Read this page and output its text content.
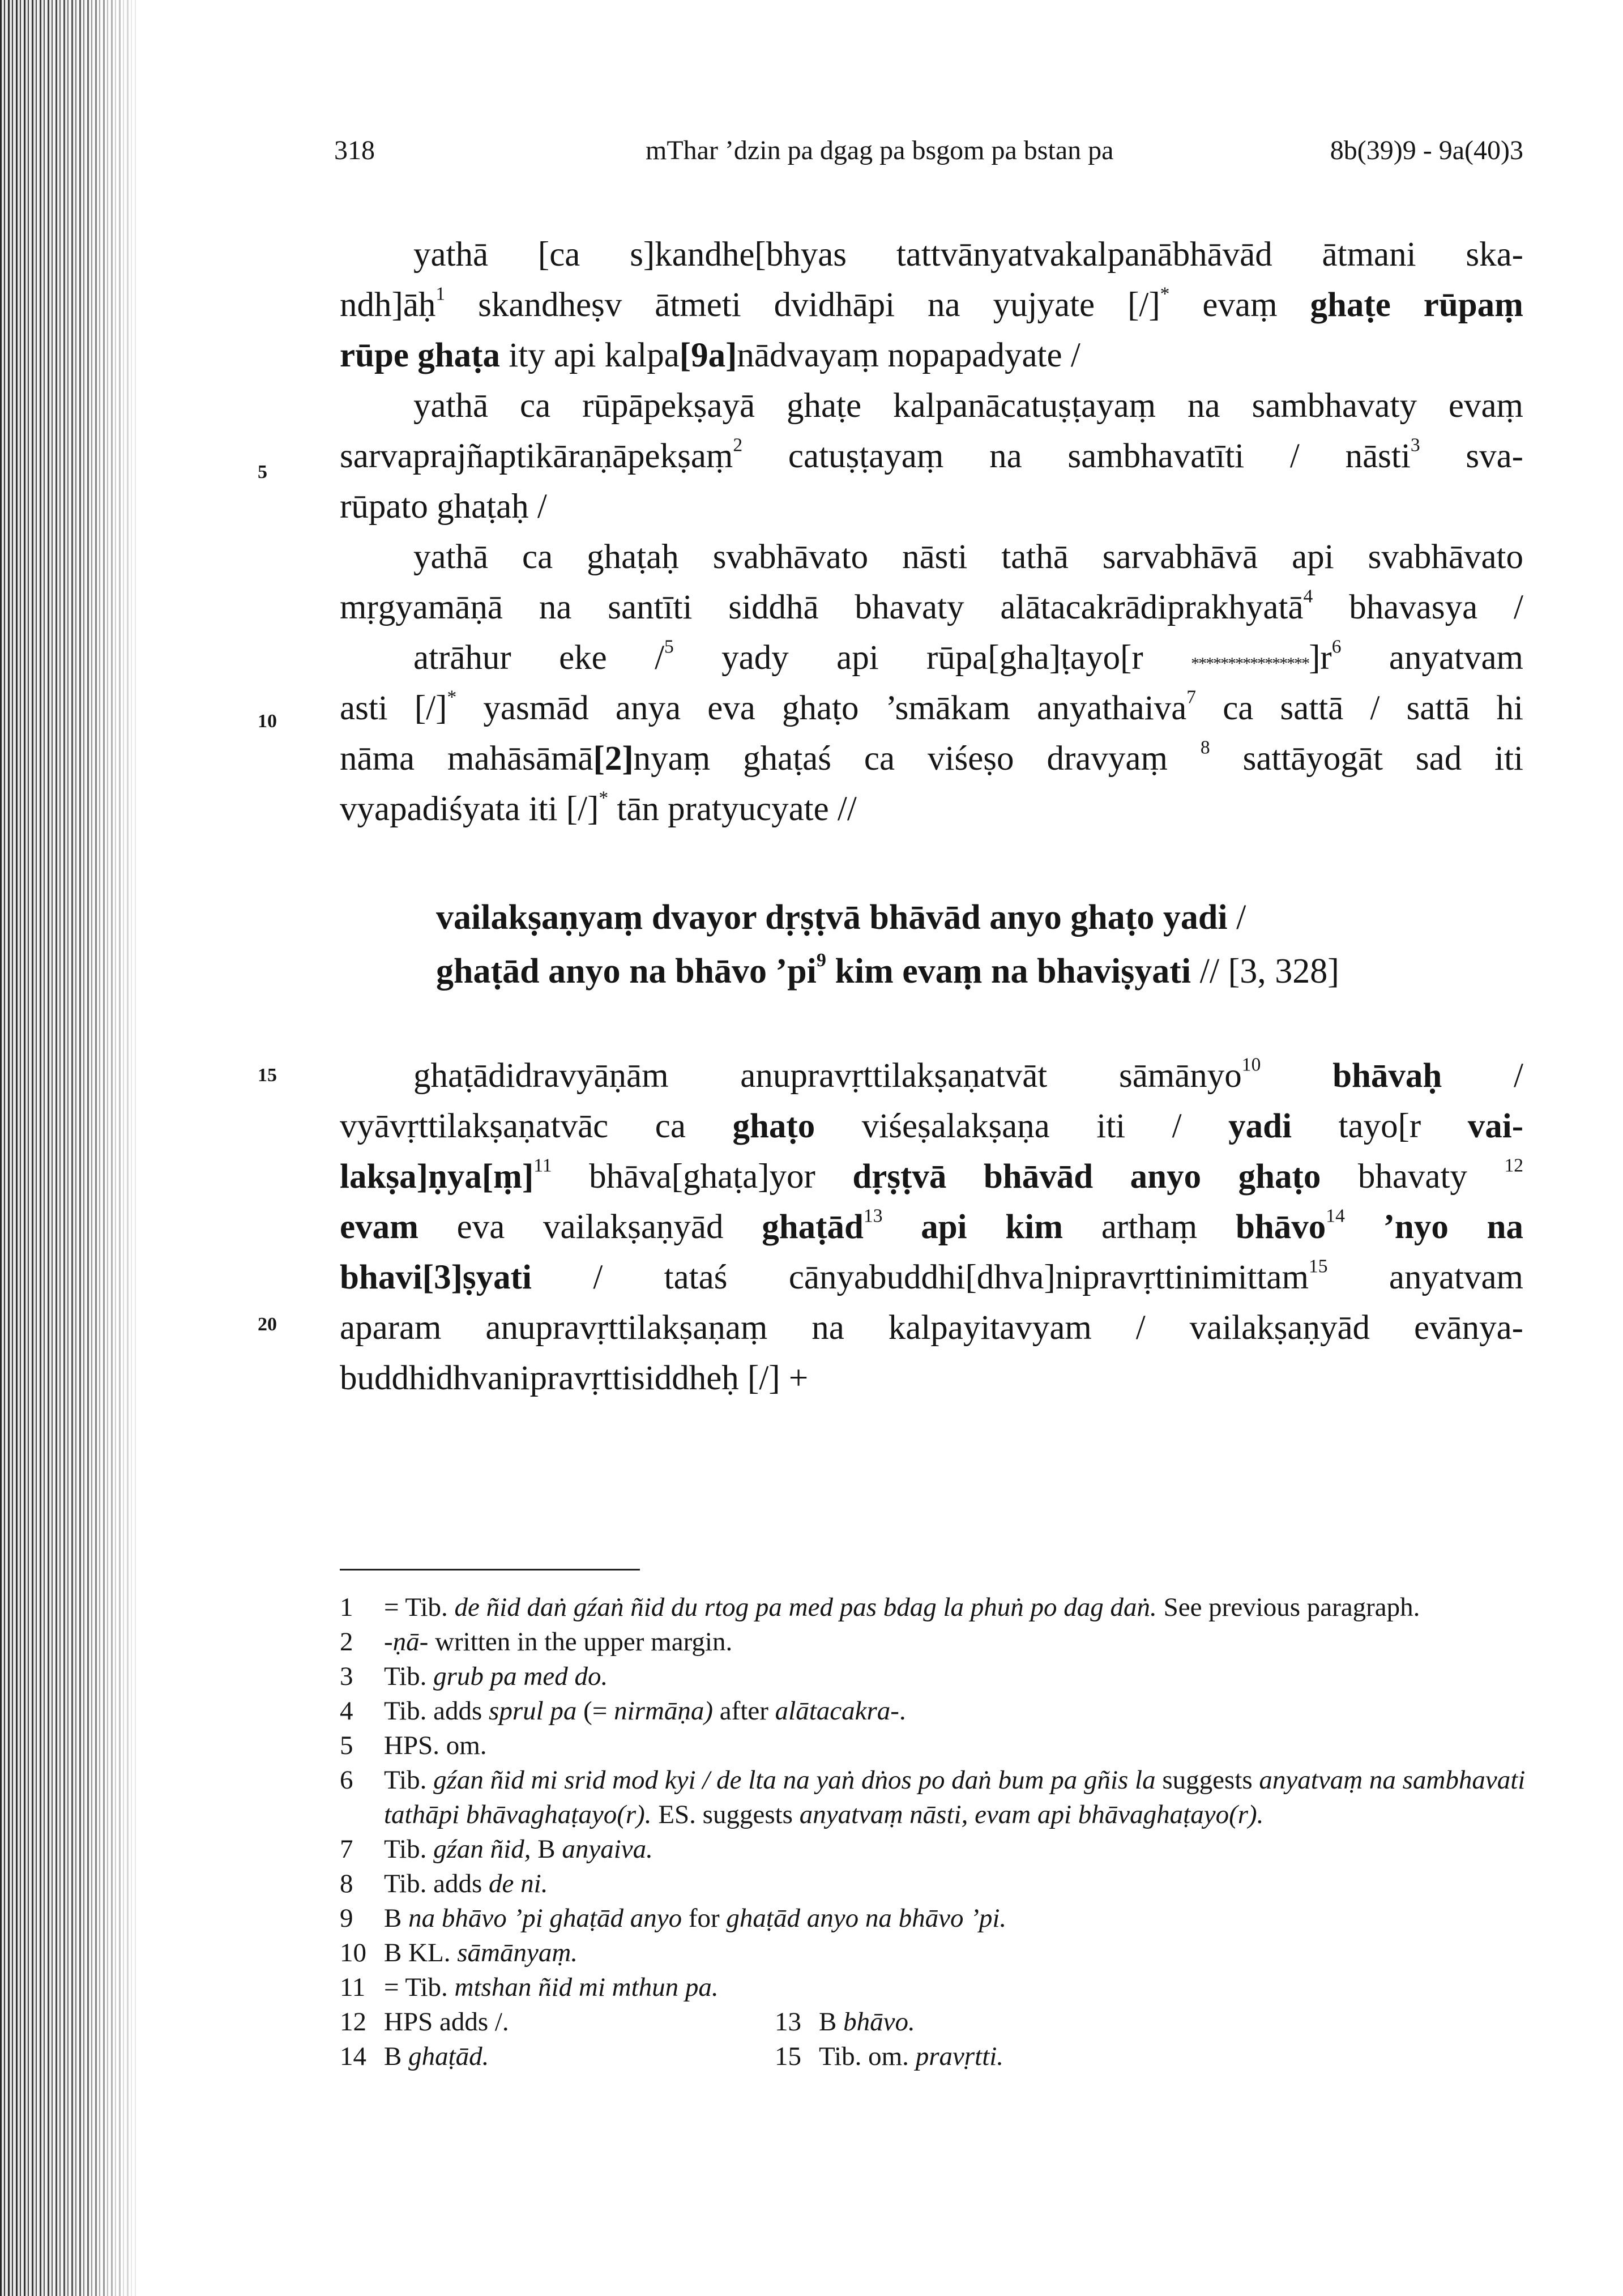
318	mThar ’dzin pa dgag pa bsgom pa bstan pa	8b(39)9 - 9a(40)3
5
10
15
20
yathā [ca s]kandhe[bhyas tattvānyatvakalpanābhāvād ātmani ska-
ndh]āḥ$^1$ skandheṣv ātmeti dvidhāpi na yujyate [/]* evaṃ ghaṭe rūpaṃ
rūpe ghaṭa ity api kalpa[9a]nādvayaṃ nopapadyate /
yathā ca rūpāpekṣayā ghaṭe kalpanācatuṣṭayaṃ na sambhavaty evaṃ
sarvaprajñaptikāraṇāpekṣaṃ$^2$ catuṣṭayaṃ na sambhavatīti / nāsti$^3$ sva-
rūpato ghaṭaḥ /
yathā ca ghaṭaḥ svabhāvato nāsti tathā sarvabhāvā api svabhāvato
mṛgyamāṇā na santīti siddhā bhavaty alātacakrādiprakhyatā$^4$ bhavasya /
atrāhur eke /$^5$ yady api rūpa[gha]ṭayo[r $****************]r^6$ anyatvam
asti [/]* yasmād anya eva ghaṭo ’smākam anyathaiva$^7$ ca sattā / sattā hi
nāma mahāsāmā[2]nyaṃ ghaṭaś ca viśeṣo dravyaṃ $^8$ sattāyogāt sad iti
vyapadiśyata iti [/]* tān pratyucyate //
vailakṣaṇyaṃ dvayor dṛṣṭvā bhāvād anyo ghaṭo yadi /
ghaṭād anyo na bhāvo $’pi^9$ kim evaṃ na bhaviṣyati // [3, 328]
ghaṭādidravyāṇām anupravṛttilakṣaṇatvāt sāmānyo$^{10}$ bhāvaḥ /
vyāvṛttilakṣaṇatvāc ca ghaṭo viśeṣalakṣaṇa iti / yadi tayo[r vai-
lakṣa]ṇya[ṃ]$^{11}$ bhāva[ghaṭa]yor dṛṣṭvā bhāvād anyo ghaṭo bhavaty $^{12}$
evam eva vailakṣaṇyād ghaṭād$^{13}$ api kim arthaṃ bhāvo$^{14}$ ’nyo na
bhavi[3]ṣyati / tataś cānyabuddhi[dhva]nipravṛttinimittam$^{15}$ anyatvam
aparam anupravṛttilakṣaṇaṃ na kalpayitavyam / vailakṣaṇyād evānya-
buddhidhvanipravṛttisiddheḥ [/] +
1 = Tib. de ñid daṅ gźaṅ ñid du rtog pa med pas bdag la phuṅ po dag daṅ. See previous paragraph.
2 -ṇā- written in the upper margin.
3 Tib. grub pa med do.
4 Tib. adds sprul pa (= nirmāṇa) after alātacakra-.
5 HPS. om.
6 Tib. gźan ñid mi srid mod kyi / de lta na yaṅ dṅos po daṅ bum pa gñis la suggests anyatvaṃ na sambhavati tathāpi bhāvaghaṭayo(r). ES. suggests anyatvaṃ nāsti, evam api bhāvaghaṭayo(r).
7 Tib. gźan ñid, B anyaiva.
8 Tib. adds de ni.
9 B na bhāvo ’pi ghaṭād anyo for ghaṭād anyo na bhāvo ’pi.
10 B KL. sāmānyaṃ.
11 = Tib. mtshan ñid mi mthun pa.
12 HPS adds /.	13 B bhāvo.
14 B ghaṭād.	15 Tib. om. pravṛtti.
